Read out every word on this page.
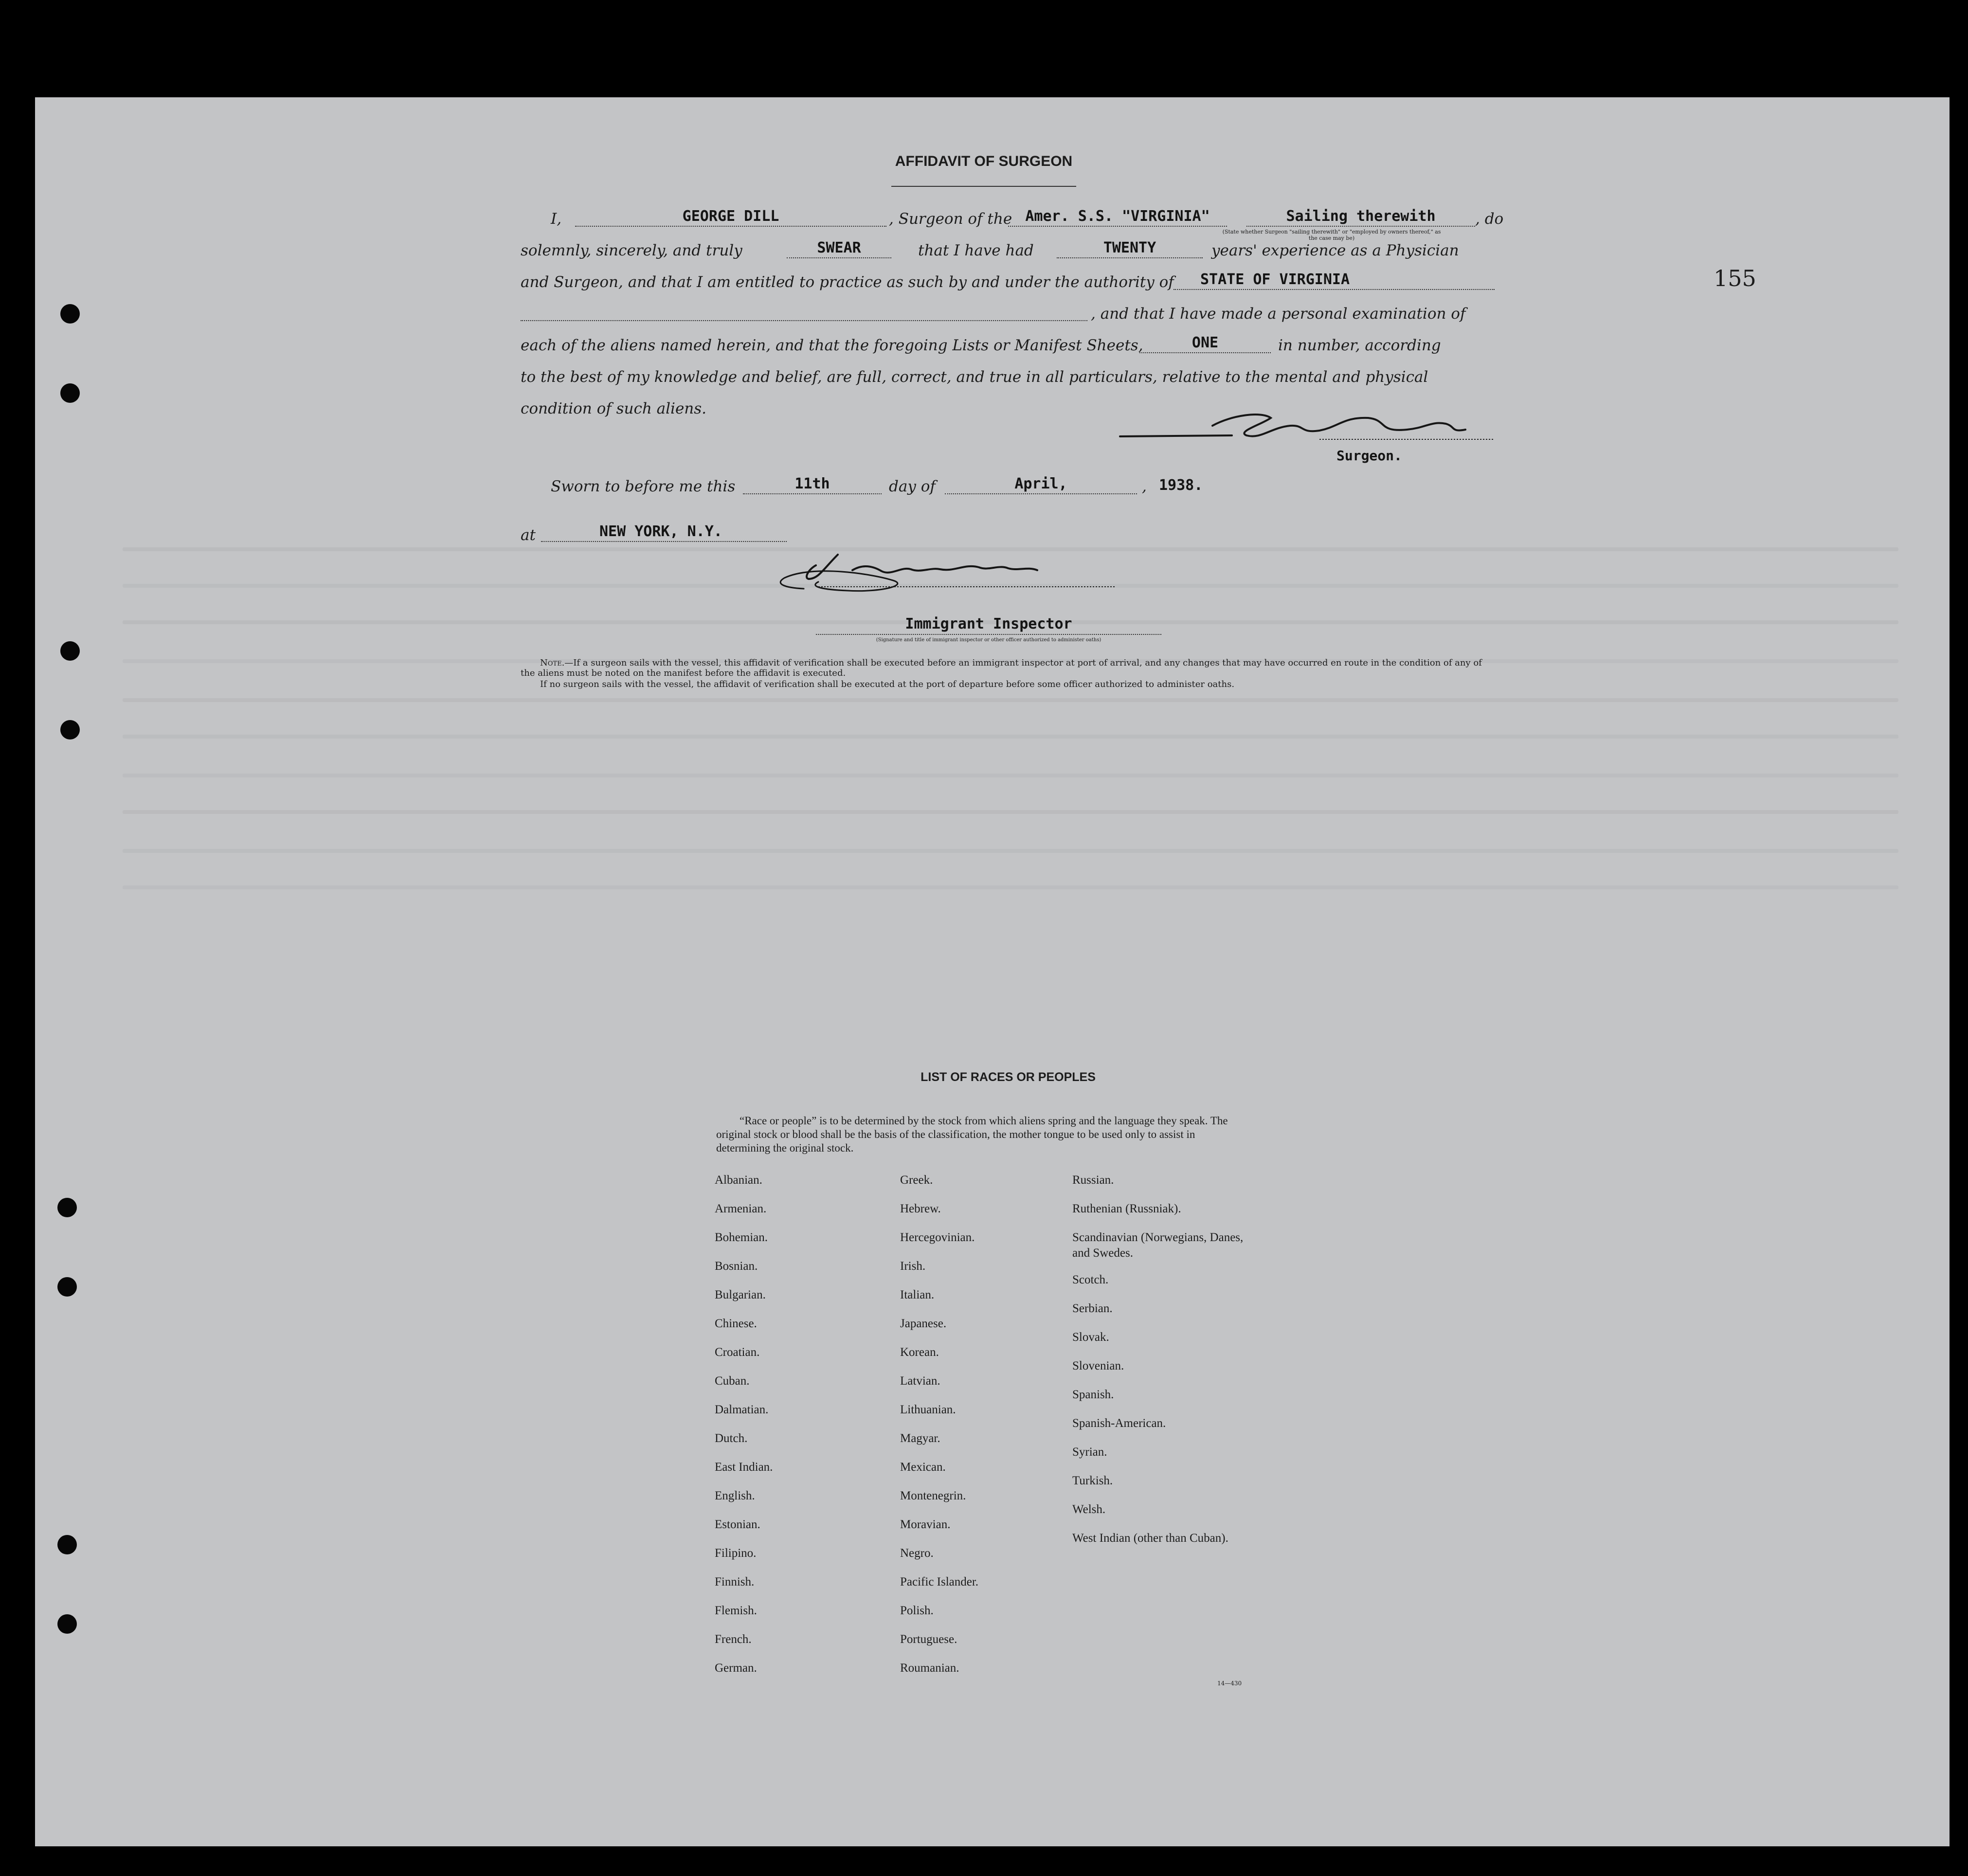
155
AFFIDAVIT OF SURGEON
I,	GEORGE DILL	, Surgeon of the Amer. S.S. "VIRGINIA"	Sailing therewith	, do
(State whether Surgeon "sailing therewith" or "employed by owners thereof," as the case may be)
solemnly, sincerely, and truly	SWEAR	that I have had	TWENTY	years' experience as a Physician
and Surgeon, and that I am entitled to practice as such by and under the authority of STATE OF VIRGINIA
, and that I have made a personal examination of
each of the aliens named herein, and that the foregoing Lists or Manifest Sheets,	ONE	in number, according
to the best of my knowledge and belief, are full, correct, and true in all particulars, relative to the mental and physical
condition of such aliens.
Surgeon.
Sworn to before me this	11th	day of	April,	, 1938.
at	NEW YORK, N.Y.
Immigrant Inspector
(Signature and title of immigrant inspector or other officer authorized to administer oaths)
Note.—If a surgeon sails with the vessel, this affidavit of verification shall be executed before an immigrant inspector at port of arrival, and any changes that may have occurred en route in the condition of any of the aliens must be noted on the manifest before the affidavit is executed.
If no surgeon sails with the vessel, the affidavit of verification shall be executed at the port of departure before some officer authorized to administer oaths.
LIST OF RACES OR PEOPLES
“Race or people” is to be determined by the stock from which aliens spring and the language they speak. The original stock or blood shall be the basis of the classification, the mother tongue to be used only to assist in determining the original stock.
Albanian.
Armenian.
Bohemian.
Bosnian.
Bulgarian.
Chinese.
Croatian.
Cuban.
Dalmatian.
Dutch.
East Indian.
English.
Estonian.
Filipino.
Finnish.
Flemish.
French.
German.
Greek.
Hebrew.
Hercegovinian.
Irish.
Italian.
Japanese.
Korean.
Latvian.
Lithuanian.
Magyar.
Mexican.
Montenegrin.
Moravian.
Negro.
Pacific Islander.
Polish.
Portuguese.
Roumanian.
Russian.
Ruthenian (Russniak).
Scandinavian (Norwegians, Danes, and Swedes.
Scotch.
Serbian.
Slovak.
Slovenian.
Spanish.
Spanish-American.
Syrian.
Turkish.
Welsh.
West Indian (other than Cuban).
14—430
